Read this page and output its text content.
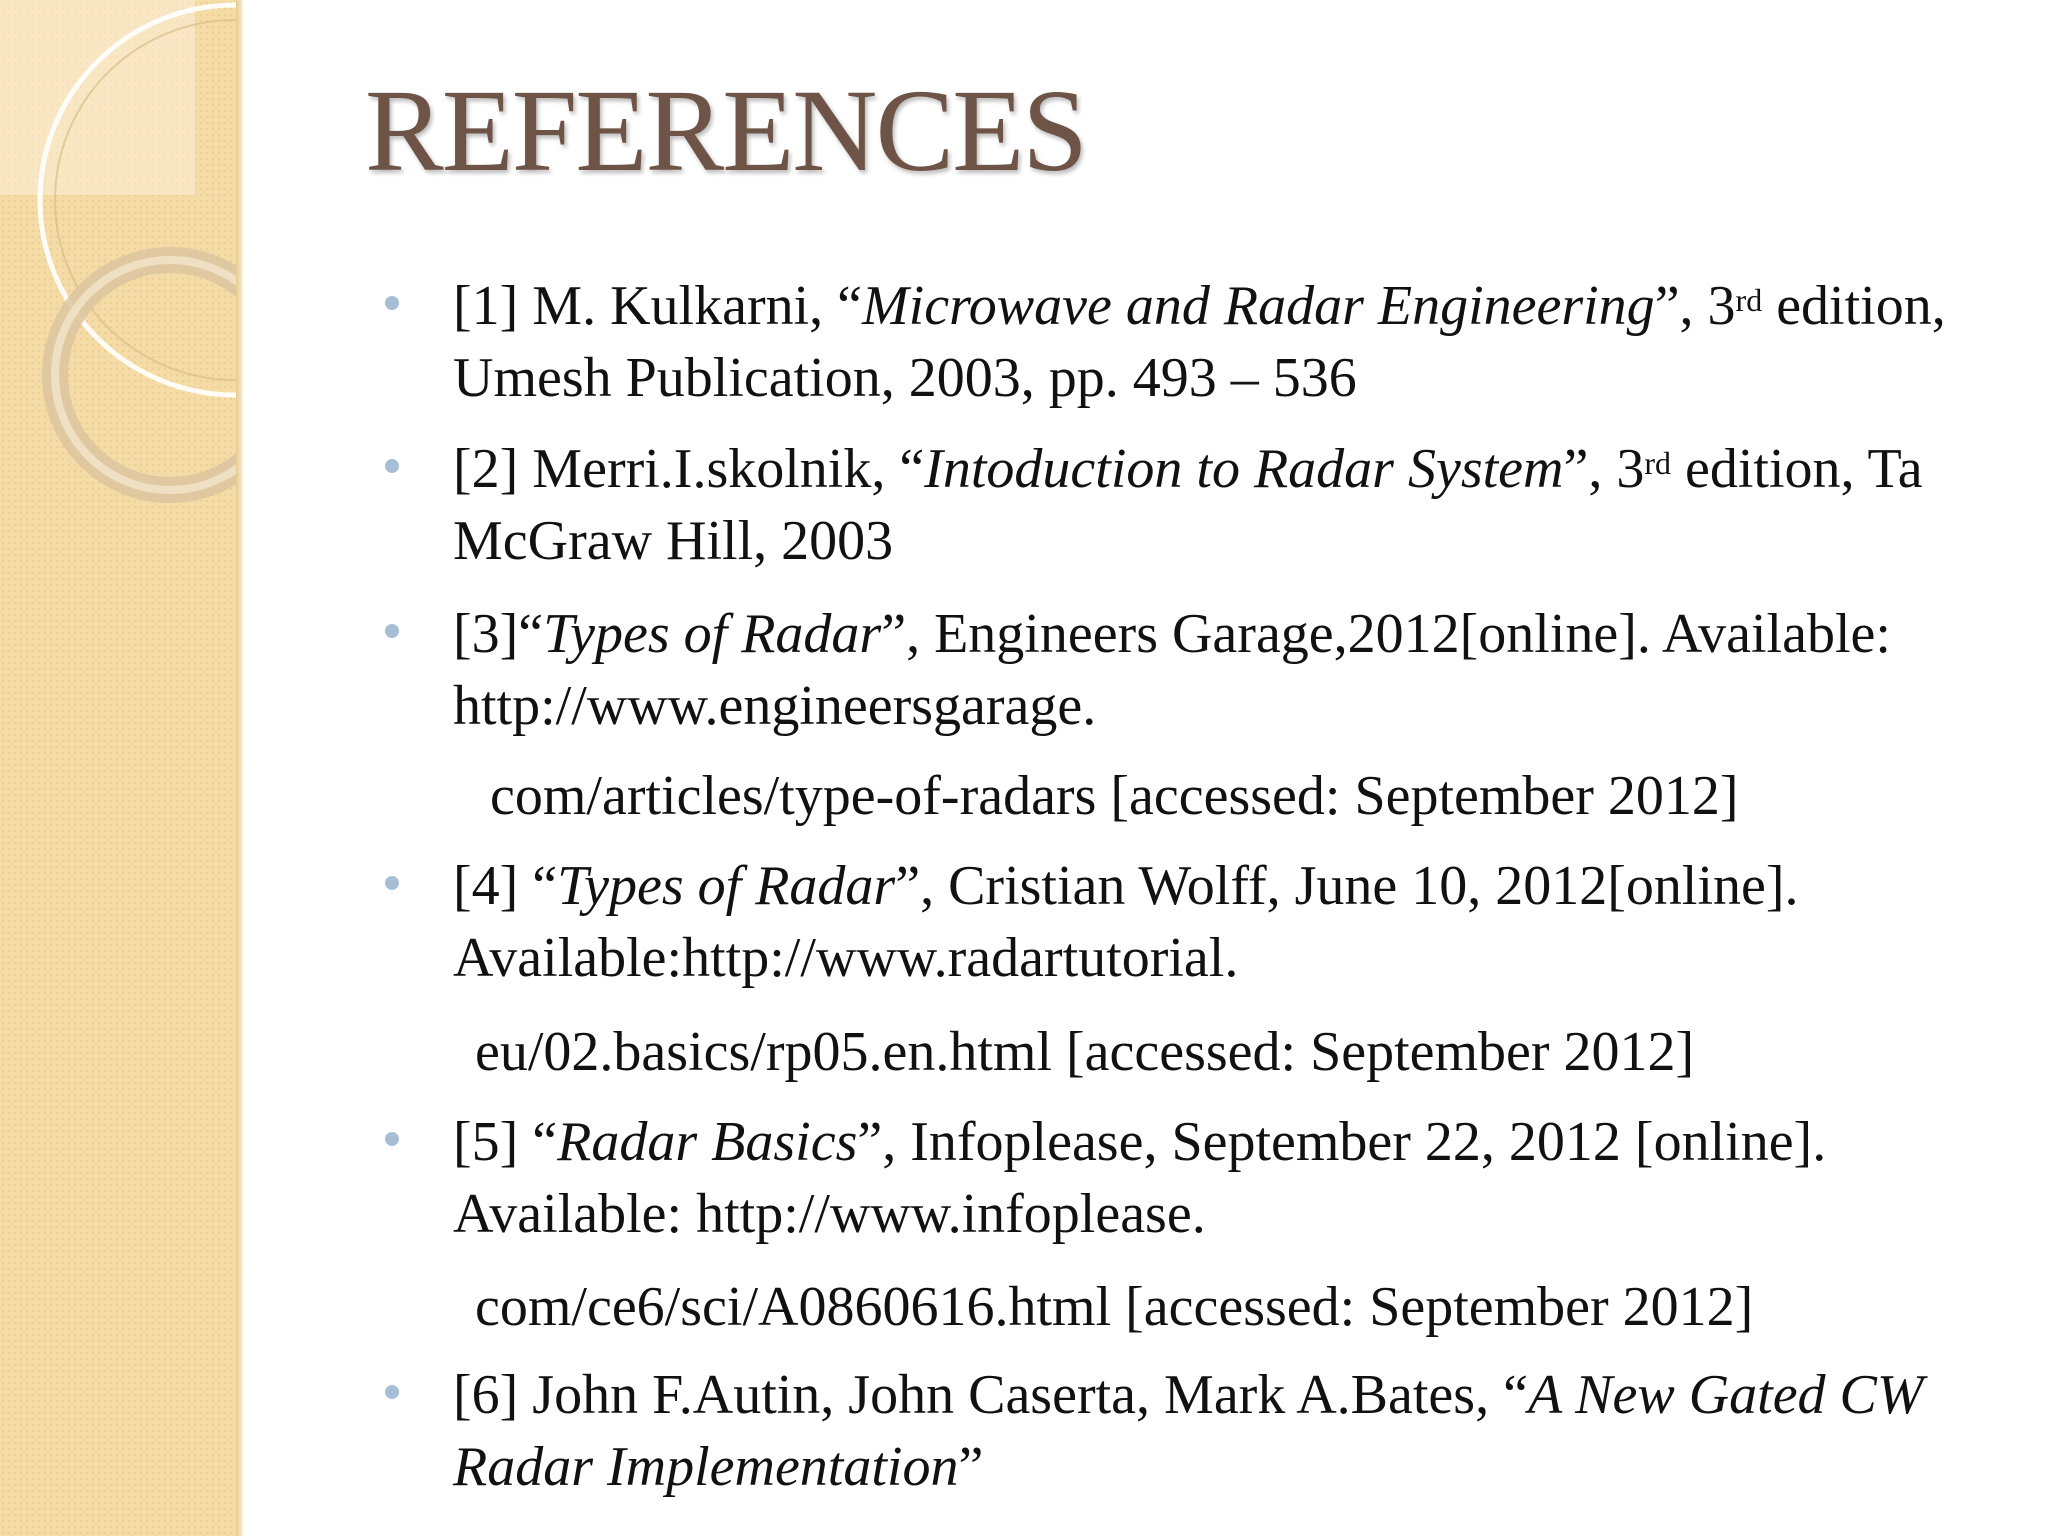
REFERENCES
[1] M. Kulkarni, “Microwave and Radar Engineering”, 3rd edition,
Umesh Publication, 2003, pp. 493 – 536
[2] Merri.I.skolnik, “Intoduction to Radar System”, 3rd edition, Ta
McGraw Hill, 2003
[3]“Types of Radar”, Engineers Garage,2012[online]. Available:
http://www.engineersgarage.
com/articles/type-of-radars [accessed: September 2012]
[4] “Types of Radar”, Cristian Wolff, June 10, 2012[online].
Available:http://www.radartutorial.
eu/02.basics/rp05.en.html [accessed: September 2012]
[5] “Radar Basics”, Infoplease, September 22, 2012 [online].
Available: http://www.infoplease.
com/ce6/sci/A0860616.html [accessed: September 2012]
[6] John F.Autin, John Caserta, Mark A.Bates, “A New Gated CW
Radar Implementation”
